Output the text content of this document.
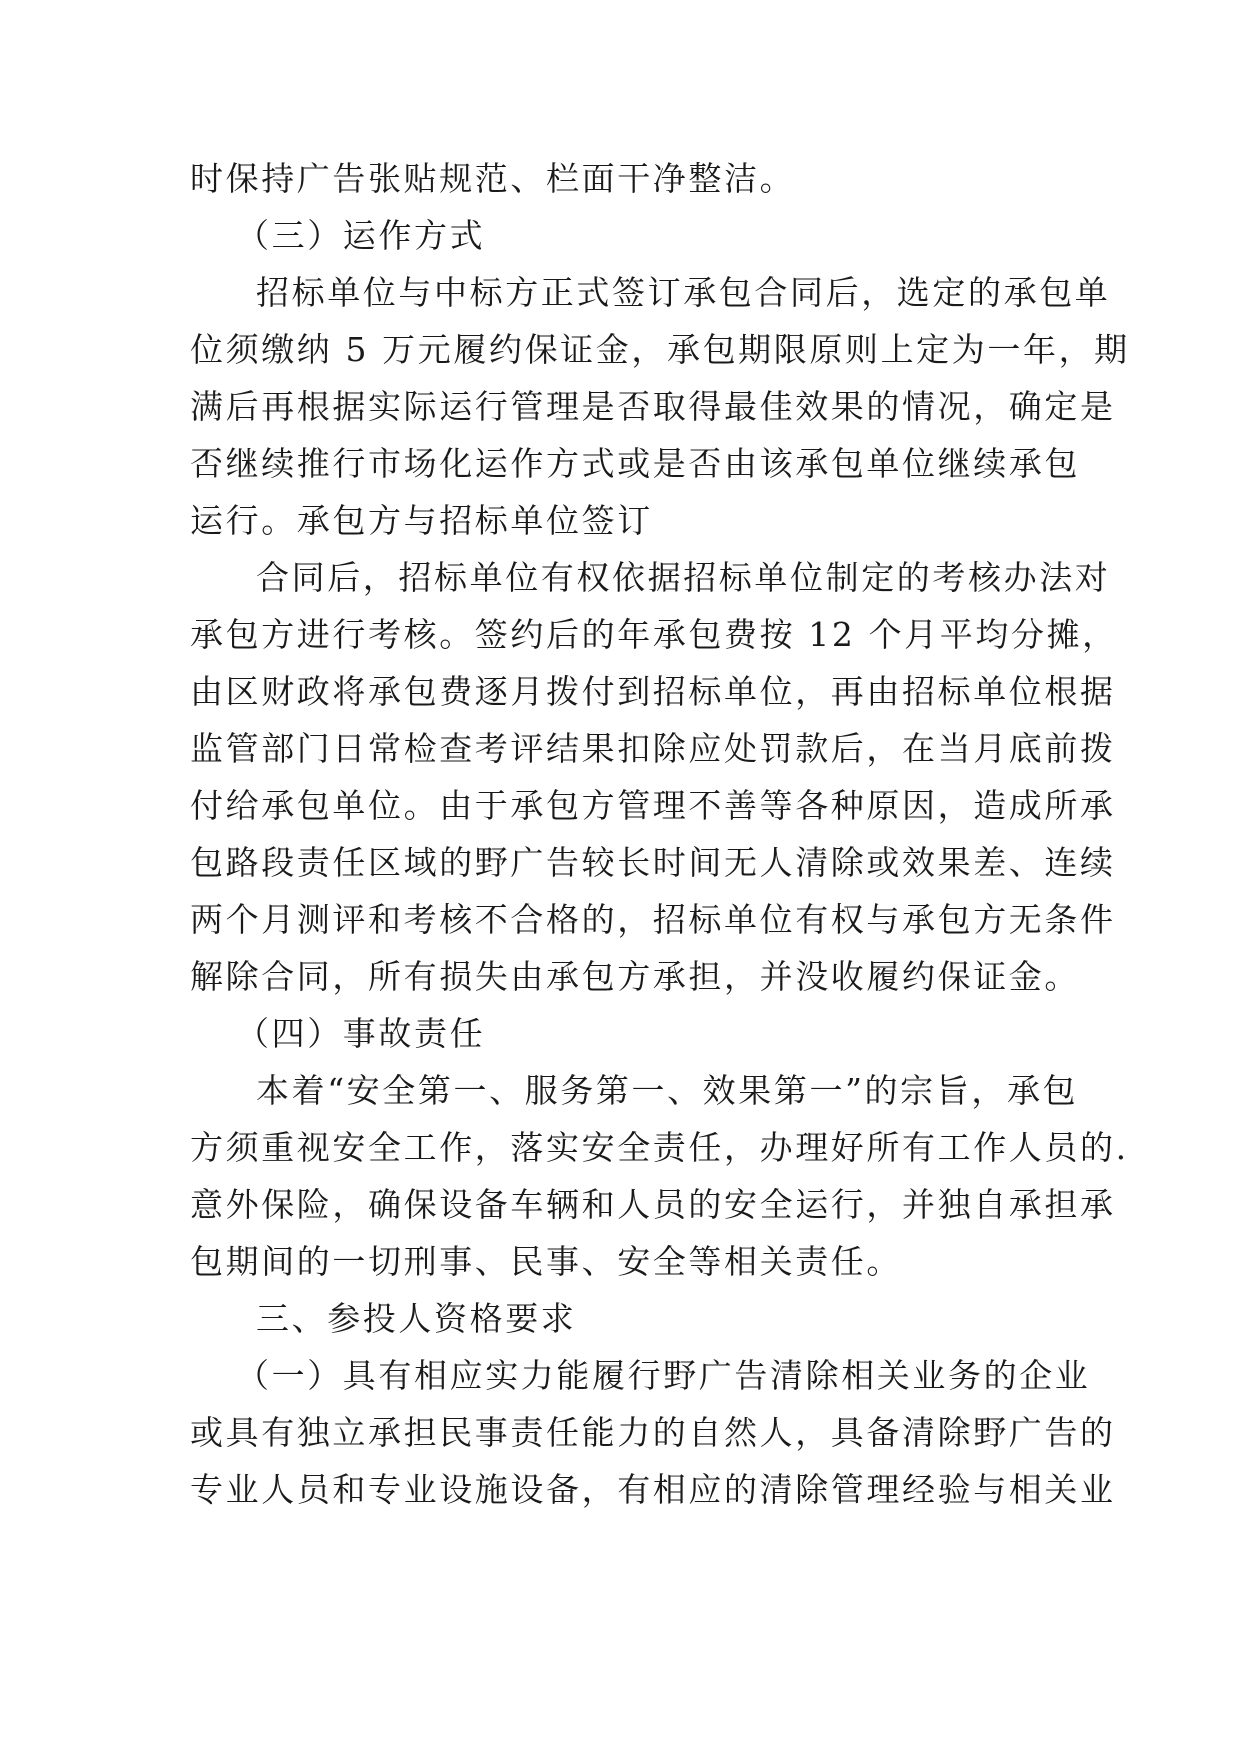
时保持广告张贴规范、栏面干净整洁。
（三）运作方式
招标单位与中标方正式签订承包合同后，选定的承包单
位须缴纳 5 万元履约保证金，承包期限原则上定为一年，期
满后再根据实际运行管理是否取得最佳效果的情况，确定是
否继续推行市场化运作方式或是否由该承包单位继续承包
运行。承包方与招标单位签订
合同后，招标单位有权依据招标单位制定的考核办法对
承包方进行考核。签约后的年承包费按 12 个月平均分摊，
由区财政将承包费逐月拨付到招标单位，再由招标单位根据
监管部门日常检查考评结果扣除应处罚款后，在当月底前拨
付给承包单位。由于承包方管理不善等各种原因，造成所承
包路段责任区域的野广告较长时间无人清除或效果差、连续
两个月测评和考核不合格的，招标单位有权与承包方无条件
解除合同，所有损失由承包方承担，并没收履约保证金。
（四）事故责任
本着“安全第一、服务第一、效果第一”的宗旨，承包
方须重视安全工作，落实安全责任，办理好所有工作人员的.
意外保险，确保设备车辆和人员的安全运行，并独自承担承
包期间的一切刑事、民事、安全等相关责任。
三、参投人资格要求
（一）具有相应实力能履行野广告清除相关业务的企业
或具有独立承担民事责任能力的自然人，具备清除野广告的
专业人员和专业设施设备，有相应的清除管理经验与相关业
